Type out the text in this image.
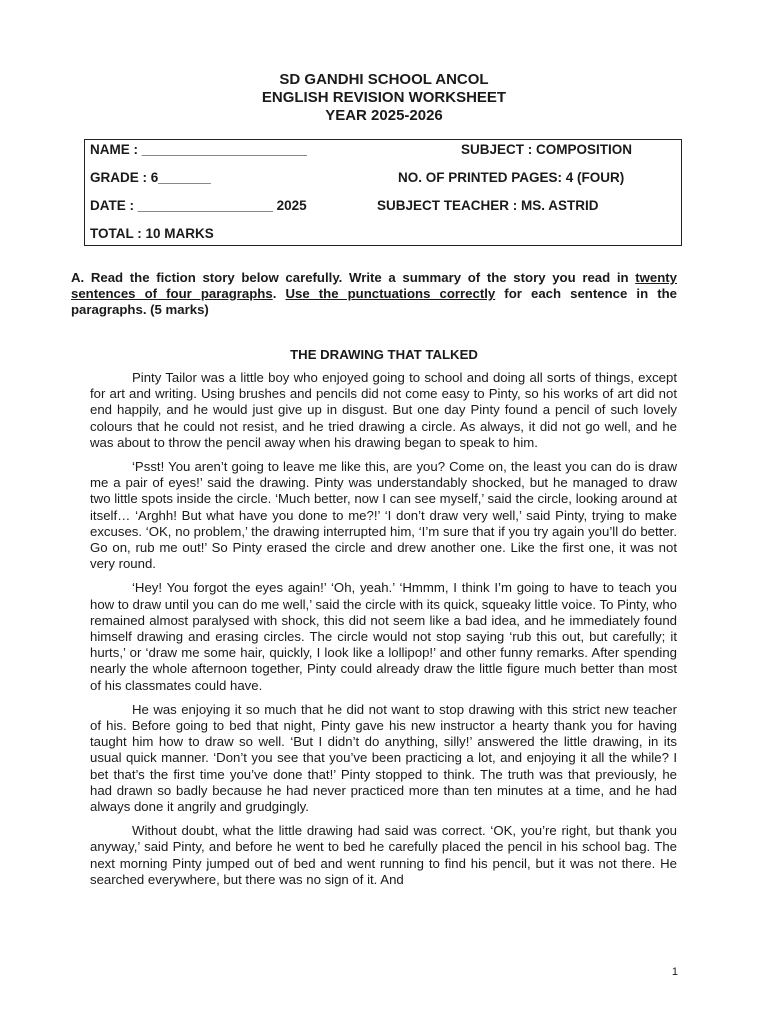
SD GANDHI SCHOOL ANCOL
ENGLISH REVISION WORKSHEET
YEAR 2025-2026
NAME : ______________________	SUBJECT : COMPOSITION
GRADE : 6_______	NO. OF PRINTED PAGES: 4 (FOUR)
DATE : __________________ 2025	SUBJECT TEACHER : MS. ASTRID
TOTAL : 10 MARKS
A. Read the fiction story below carefully. Write a summary of the story you read in twenty sentences of four paragraphs. Use the punctuations correctly for each sentence in the paragraphs. (5 marks)
THE DRAWING THAT TALKED

Pinty Tailor was a little boy who enjoyed going to school and doing all sorts of things, except for art and writing. Using brushes and pencils did not come easy to Pinty, so his works of art did not end happily, and he would just give up in disgust. But one day Pinty found a pencil of such lovely colours that he could not resist, and he tried drawing a circle. As always, it did not go well, and he was about to throw the pencil away when his drawing began to speak to him.

‘Psst! You aren’t going to leave me like this, are you? Come on, the least you can do is draw me a pair of eyes!’ said the drawing. Pinty was understandably shocked, but he managed to draw two little spots inside the circle. ‘Much better, now I can see myself,’ said the circle, looking around at itself… ‘Arghh! But what have you done to me?!’ ‘I don’t draw very well,’ said Pinty, trying to make excuses. ‘OK, no problem,’ the drawing interrupted him, ‘I’m sure that if you try again you’ll do better. Go on, rub me out!’ So Pinty erased the circle and drew another one. Like the first one, it was not very round.

‘Hey! You forgot the eyes again!’ ‘Oh, yeah.’ ‘Hmmm, I think I’m going to have to teach you how to draw until you can do me well,’ said the circle with its quick, squeaky little voice. To Pinty, who remained almost paralysed with shock, this did not seem like a bad idea, and he immediately found himself drawing and erasing circles. The circle would not stop saying ‘rub this out, but carefully; it hurts,’ or ‘draw me some hair, quickly, I look like a lollipop!’ and other funny remarks. After spending nearly the whole afternoon together, Pinty could already draw the little figure much better than most of his classmates could have.

He was enjoying it so much that he did not want to stop drawing with this strict new teacher of his. Before going to bed that night, Pinty gave his new instructor a hearty thank you for having taught him how to draw so well. ‘But I didn’t do anything, silly!’ answered the little drawing, in its usual quick manner. ‘Don’t you see that you’ve been practicing a lot, and enjoying it all the while? I bet that’s the first time you’ve done that!’ Pinty stopped to think. The truth was that previously, he had drawn so badly because he had never practiced more than ten minutes at a time, and he had always done it angrily and grudgingly.

Without doubt, what the little drawing had said was correct. ‘OK, you’re right, but thank you anyway,’ said Pinty, and before he went to bed he carefully placed the pencil in his school bag. The next morning Pinty jumped out of bed and went running to find his pencil, but it was not there. He searched everywhere, but there was no sign of it. And

1
